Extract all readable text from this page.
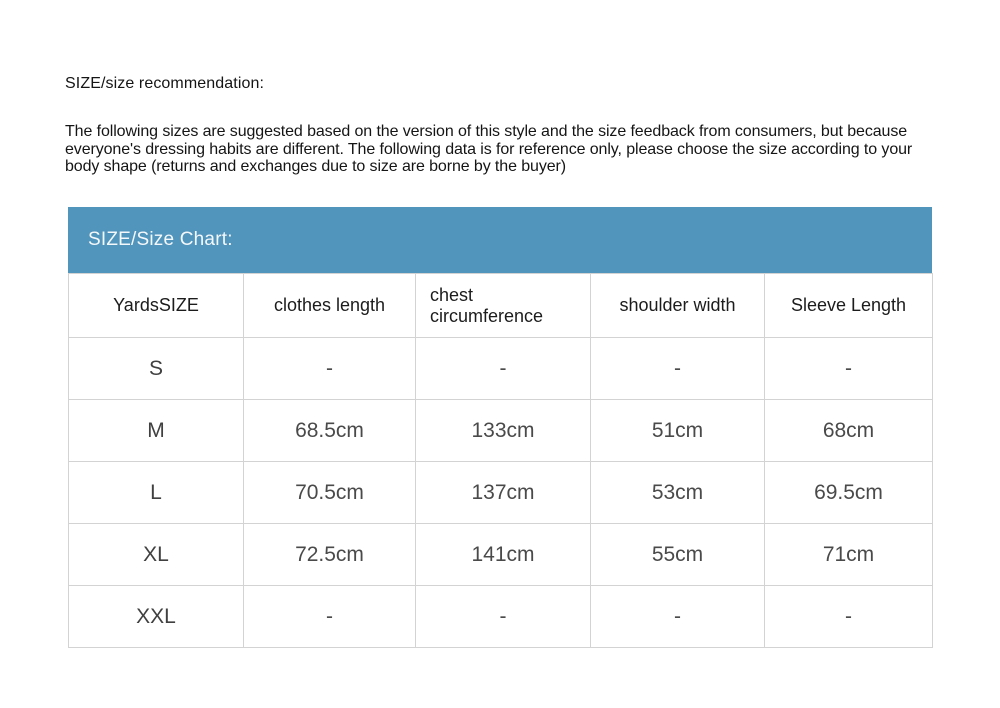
SIZE/size recommendation:

The following sizes are suggested based on the version of this style and the size feedback from consumers, but because everyone's dressing habits are different. The following data is for reference only, please choose the size according to your body shape (returns and exchanges due to size are borne by the buyer)

SIZE/Size Chart:
YardsSIZE	clothes length	chest circumference	shoulder width	Sleeve Length
S	-	-	-	-
M	68.5cm	133cm	51cm	68cm
L	70.5cm	137cm	53cm	69.5cm
XL	72.5cm	141cm	55cm	71cm
XXL	-	-	-	-
